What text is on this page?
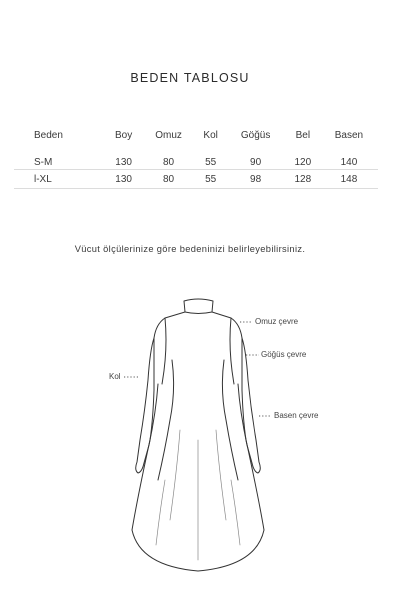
BEDEN TABLOSU
Beden	Boy	Omuz	Kol	Göğüs	Bel	Basen
S-M	130	80	55	90	120	140
l-XL	130	80	55	98	128	148
Vücut ölçülerinize göre bedeninizi belirleyebilirsiniz.
Omuz çevre
Göğüs çevre
Kol
Basen çevre
